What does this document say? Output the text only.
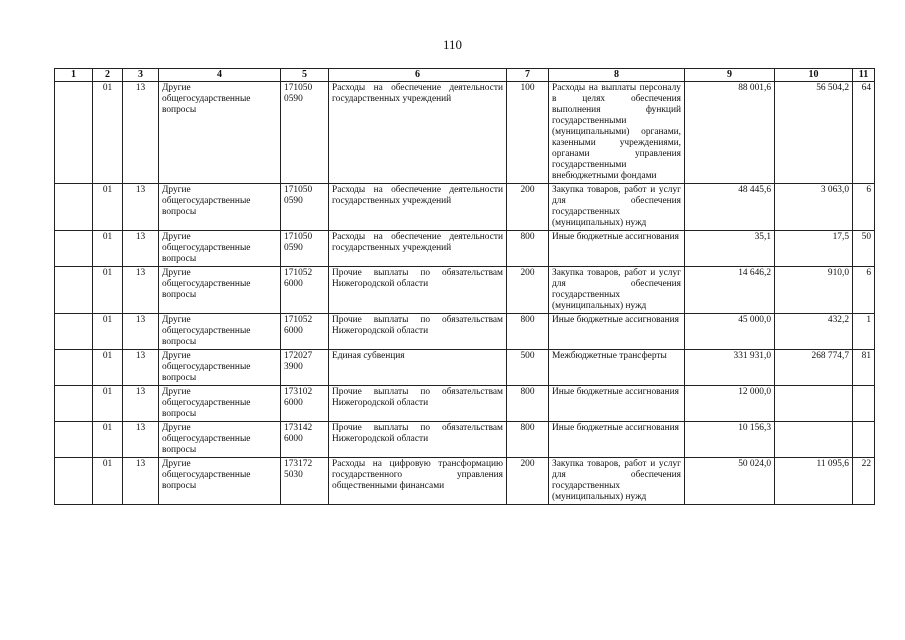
110
1	2	3	4	5	6	7	8	9	10	11
	01	13	Другие общегосударственные вопросы	171050 0590	Расходы на обеспечение деятельности государственных учреждений	100	Расходы на выплаты персоналу в целях обеспечения выполнения функций государственными (муниципальными) органами, казенными учреждениями, органами управления государственными внебюджетными фондами	88 001,6	56 504,2	64
	01	13	Другие общегосударственные вопросы	171050 0590	Расходы на обеспечение деятельности государственных учреждений	200	Закупка товаров, работ и услуг для обеспечения государственных (муниципальных) нужд	48 445,6	3 063,0	6
	01	13	Другие общегосударственные вопросы	171050 0590	Расходы на обеспечение деятельности государственных учреждений	800	Иные бюджетные ассигнования	35,1	17,5	50
	01	13	Другие общегосударственные вопросы	171052 6000	Прочие выплаты по обязательствам Нижегородской области	200	Закупка товаров, работ и услуг для обеспечения государственных (муниципальных) нужд	14 646,2	910,0	6
	01	13	Другие общегосударственные вопросы	171052 6000	Прочие выплаты по обязательствам Нижегородской области	800	Иные бюджетные ассигнования	45 000,0	432,2	1
	01	13	Другие общегосударственные вопросы	172027 3900	Единая субвенция	500	Межбюджетные трансферты	331 931,0	268 774,7	81
	01	13	Другие общегосударственные вопросы	173102 6000	Прочие выплаты по обязательствам Нижегородской области	800	Иные бюджетные ассигнования	12 000,0		
	01	13	Другие общегосударственные вопросы	173142 6000	Прочие выплаты по обязательствам Нижегородской области	800	Иные бюджетные ассигнования	10 156,3		
	01	13	Другие общегосударственные вопросы	173172 5030	Расходы на цифровую трансформацию государственного управления общественными финансами	200	Закупка товаров, работ и услуг для обеспечения государственных (муниципальных) нужд	50 024,0	11 095,6	22
